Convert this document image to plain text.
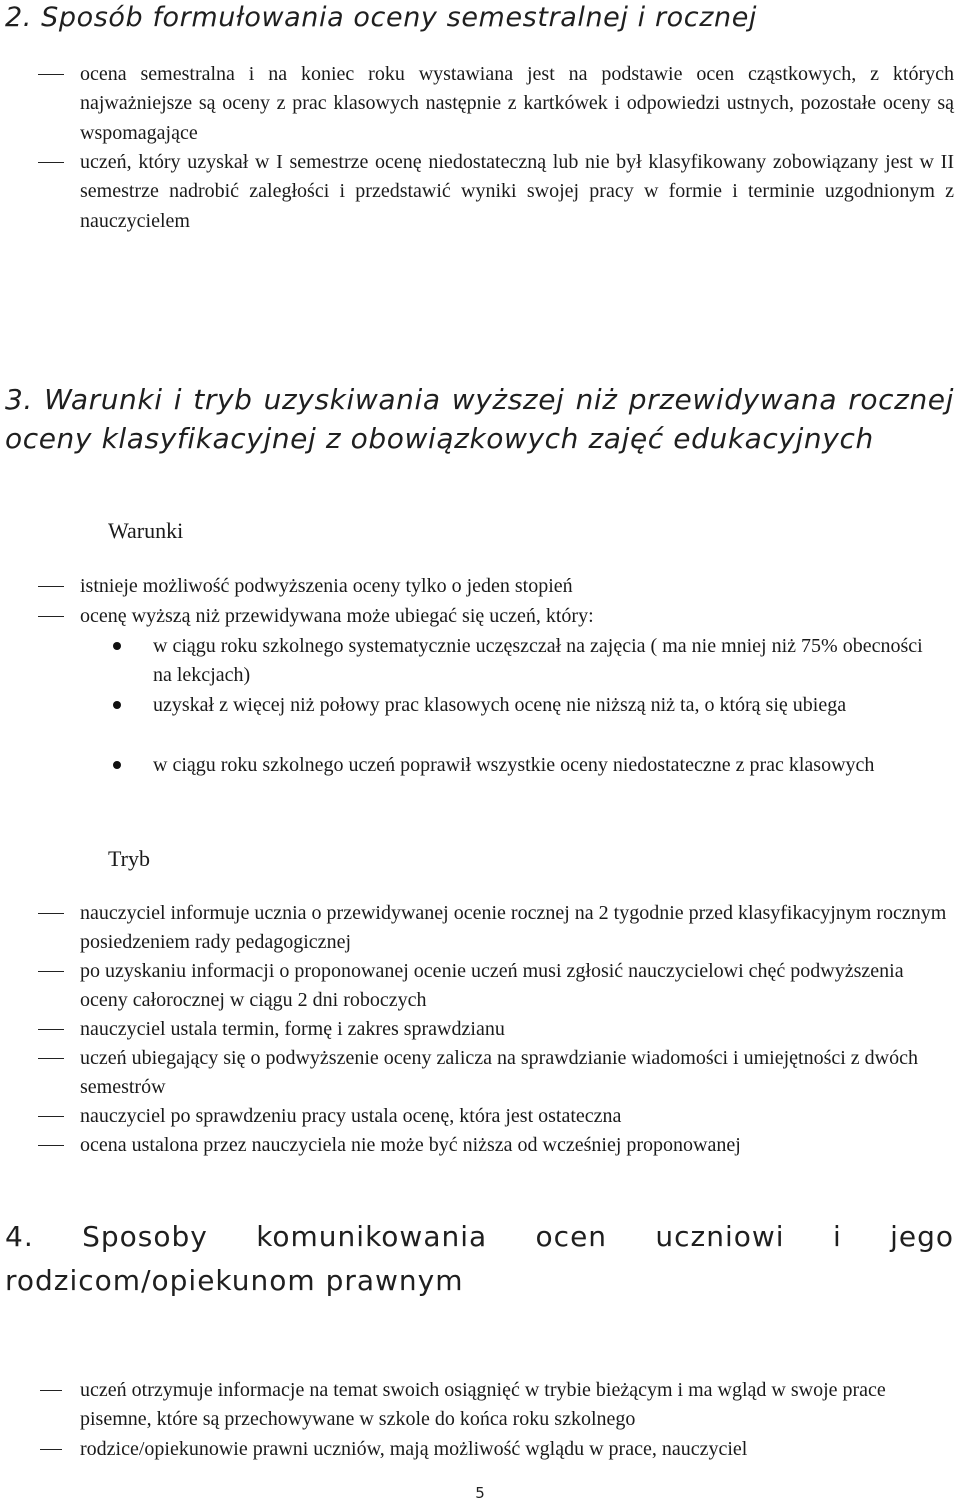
2. Sposób formułowania oceny semestralnej i rocznej
ocena semestralna i na koniec roku wystawiana jest na podstawie ocen cząstkowych, z których najważniejsze są oceny z prac klasowych następnie z kartkówek i odpowiedzi ustnych, pozostałe oceny są wspomagające
uczeń, który uzyskał w I semestrze ocenę niedostateczną lub nie był klasyfikowany zobowiązany jest w II semestrze nadrobić zaległości i przedstawić wyniki swojej pracy w formie i terminie uzgodnionym z nauczycielem
3. Warunki i tryb uzyskiwania wyższej niż przewidywana rocznej oceny klasyfikacyjnej z obowiązkowych zajęć edukacyjnych
Warunki
istnieje możliwość podwyższenia oceny tylko o jeden stopień
ocenę wyższą niż przewidywana może ubiegać się uczeń, który:
w ciągu roku szkolnego systematycznie uczęszczał na zajęcia ( ma nie mniej niż 75% obecności na lekcjach)
uzyskał z więcej niż połowy prac klasowych ocenę nie niższą niż ta, o którą się ubiega
w ciągu roku szkolnego uczeń poprawił wszystkie oceny niedostateczne z prac klasowych
Tryb
nauczyciel informuje ucznia o przewidywanej ocenie rocznej na 2 tygodnie przed klasyfikacyjnym rocznym posiedzeniem rady pedagogicznej
po uzyskaniu informacji o proponowanej ocenie uczeń musi zgłosić nauczycielowi chęć podwyższenia oceny całorocznej w ciągu 2 dni roboczych
nauczyciel ustala termin, formę i zakres sprawdzianu
uczeń ubiegający się o podwyższenie oceny zalicza na sprawdzianie wiadomości i umiejętności z dwóch semestrów
nauczyciel po sprawdzeniu pracy ustala ocenę, która jest ostateczna
ocena ustalona przez nauczyciela nie może być niższa od wcześniej proponowanej
4. Sposoby komunikowania ocen uczniowi i jego rodzicom/opiekunom prawnym
uczeń otrzymuje informacje na temat swoich osiągnięć w trybie bieżącym i ma wgląd w swoje prace pisemne, które są przechowywane w szkole do końca roku szkolnego
rodzice/opiekunowie prawni uczniów, mają możliwość wglądu w prace, nauczyciel
5
